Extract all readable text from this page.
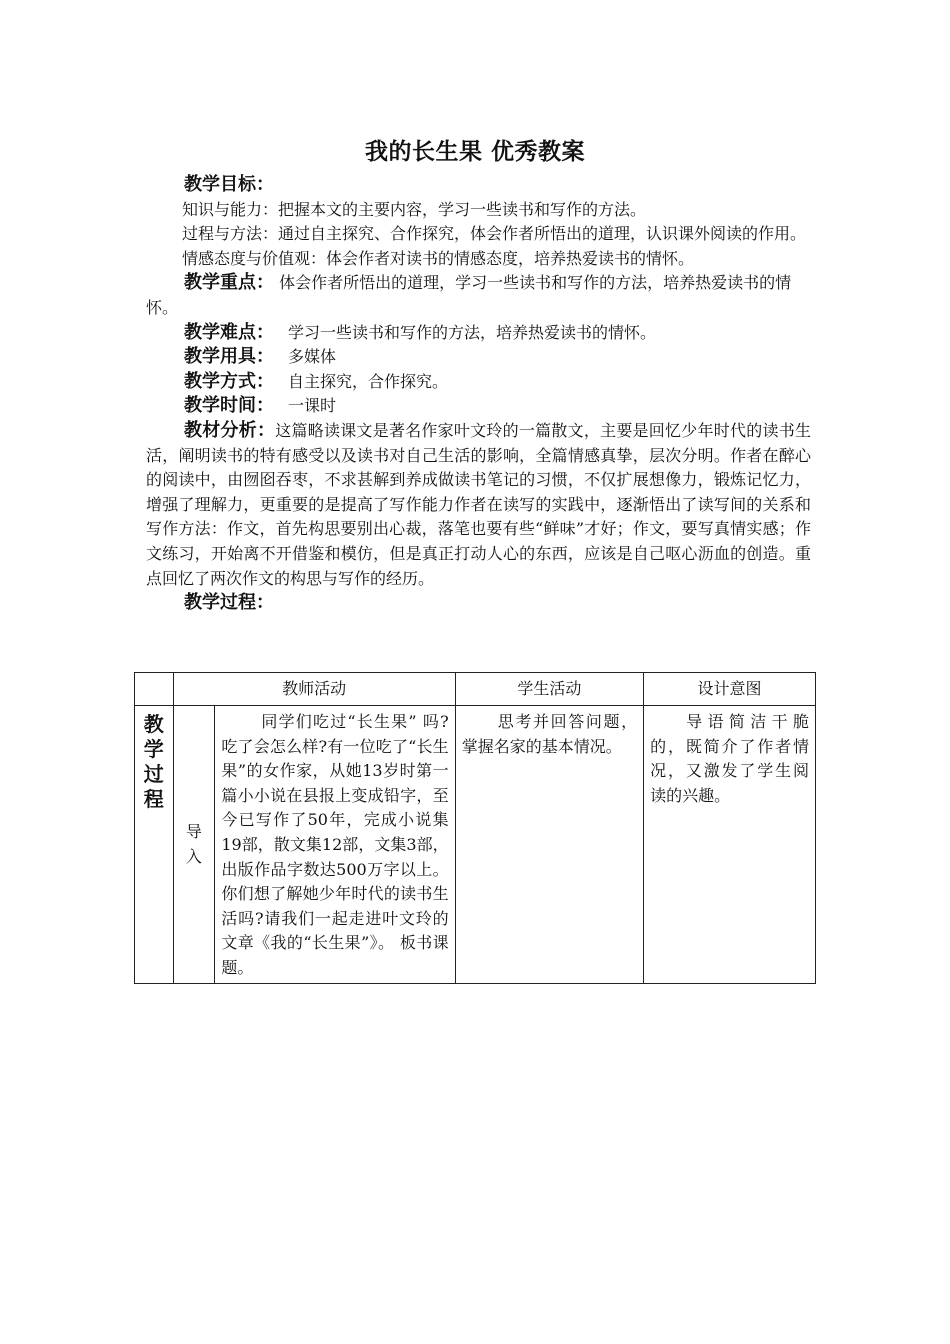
我的长生果 优秀教案

教学目标：

知识与能力：把握本文的主要内容，学习一些读书和写作的方法。

过程与方法：通过自主探究、合作探究，体会作者所悟出的道理，认识课外阅读的作用。

情感态度与价值观：体会作者对读书的情感态度，培养热爱读书的情怀。

教学重点： 体会作者所悟出的道理，学习一些读书和写作的方法，培养热爱读书的情怀。

教学难点： 学习一些读书和写作的方法，培养热爱读书的情怀。

教学用具： 多媒体

教学方式： 自主探究，合作探究。

教学时间： 一课时

教材分析：这篇略读课文是著名作家叶文玲的一篇散文，主要是回忆少年时代的读书生活，阐明读书的特有感受以及读书对自己生活的影响，全篇情感真挚，层次分明。作者在醉心的阅读中，由囫囵吞枣，不求甚解到养成做读书笔记的习惯，不仅扩展想像力，锻炼记忆力，增强了理解力，更重要的是提高了写作能力作者在读写的实践中，逐渐悟出了读写间的关系和写作方法：作文，首先构思要别出心裁，落笔也要有些“鲜味”才好；作文，要写真情实感；作文练习，开始离不开借鉴和模仿，但是真正打动人心的东西，应该是自己呕心沥血的创造。重点回忆了两次作文的构思与写作的经历。

教学过程：

	教师活动		学生活动	设计意图

教
学
过
程	导
入	同学们吃过“长生果” 吗?吃了会怎么样?有一位吃了“长生果”的女作家，从她13岁时第一篇小小说在县报上变成铅字，至今已写作了50年，完成小说集19部，散文集12部，文集3部，出版作品字数达500万字以上。你们想了解她少年时代的读书生活吗?请我们一起走进叶文玲的文章《我的“长生果”》。 板书课题。	思考并回答问题，掌握名家的基本情况。	导语简洁干脆的，既简介了作者情况，又激发了学生阅读的兴趣。
